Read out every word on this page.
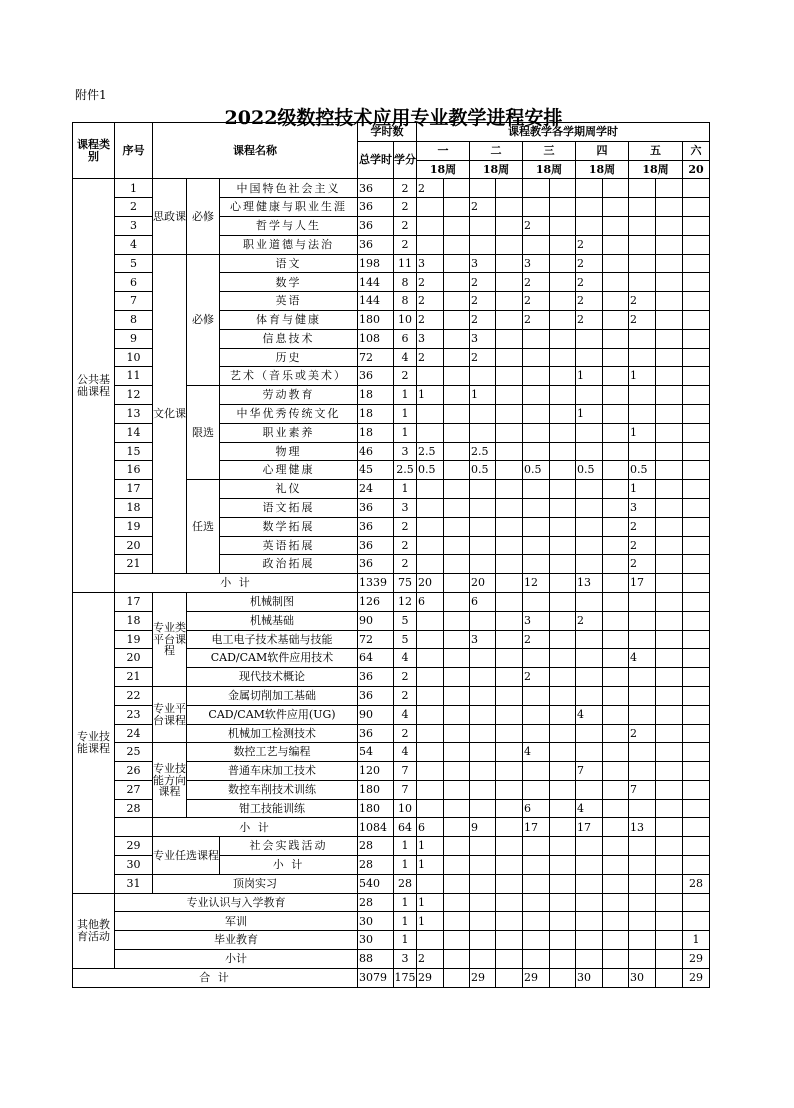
附件1
2022级数控技术应用专业教学进程安排
课程类别	序号	课程名称			学时数		课程教学各学期周学时										
					总学时	学分	一		二		三		四		五		六
							18周		18周		18周		18周		18周		20
公共基础课程	1	思政课	必修	中国特色社会主义	36	2	2										
	2			心理健康与职业生涯	36	2			2								
	3			哲学与人生	36	2					2						
	4			职业道德与法治	36	2							2				
	5	文化课	必修	语文	198	11	3		3		3		2				
	6			数学	144	8	2		2		2		2				
	7			英语	144	8	2		2		2		2		2		
	8			体育与健康	180	10	2		2		2		2		2		
	9			信息技术	108	6	3		3								
	10			历史	72	4	2		2								
	11			艺术（音乐或美术）	36	2							1		1		
	12		限选	劳动教育	18	1	1		1								
	13			中华优秀传统文化	18	1							1				
	14			职业素养	18	1									1		
	15			物理	46	3	2.5		2.5								
	16			心理健康	45	2.5	0.5		0.5		0.5		0.5		0.5		
	17		任选	礼仪	24	1									1		
	18			语文拓展	36	3									3		
	19			数学拓展	36	2									2		
	20			英语拓展	36	2									2		
	21			政治拓展	36	2									2		
	小 计				1339	75	20		20		12		13		17		
专业技能课程	17	专业类平台课程	机械制图		126	12	6		6								
	18		机械基础		90	5					3		2				
	19		电工电子技术基础与技能		72	5			3		2						
	20		CAD/CAM软件应用技术		64	4									4		
	21		现代技术概论		36	2					2						
	22	专业平台课程	金属切削加工基础		36	2											
	23		CAD/CAM软件应用(UG)		90	4							4				
	24		机械加工检测技术		36	2									2		
	25	专业技能方向课程	数控工艺与编程		54	4					4						
	26		普通车床加工技术		120	7							7				
	27		数控车削技术训练		180	7									7		
	28		钳工技能训练		180	10					6		4				
		小 计			1084	64	6		9		17		17		13		
	29	专业任选课程		社会实践活动	28	1	1										
	30			小 计	28	1	1										
	31	顶岗实习			540	28											28
其他教育活动	专业认识与入学教育				28	1	1										
	军训				30	1	1										
	毕业教育				30	1											1
	小计				88	3	2										29
合 计					3079	175	29		29		29		30		30		29
